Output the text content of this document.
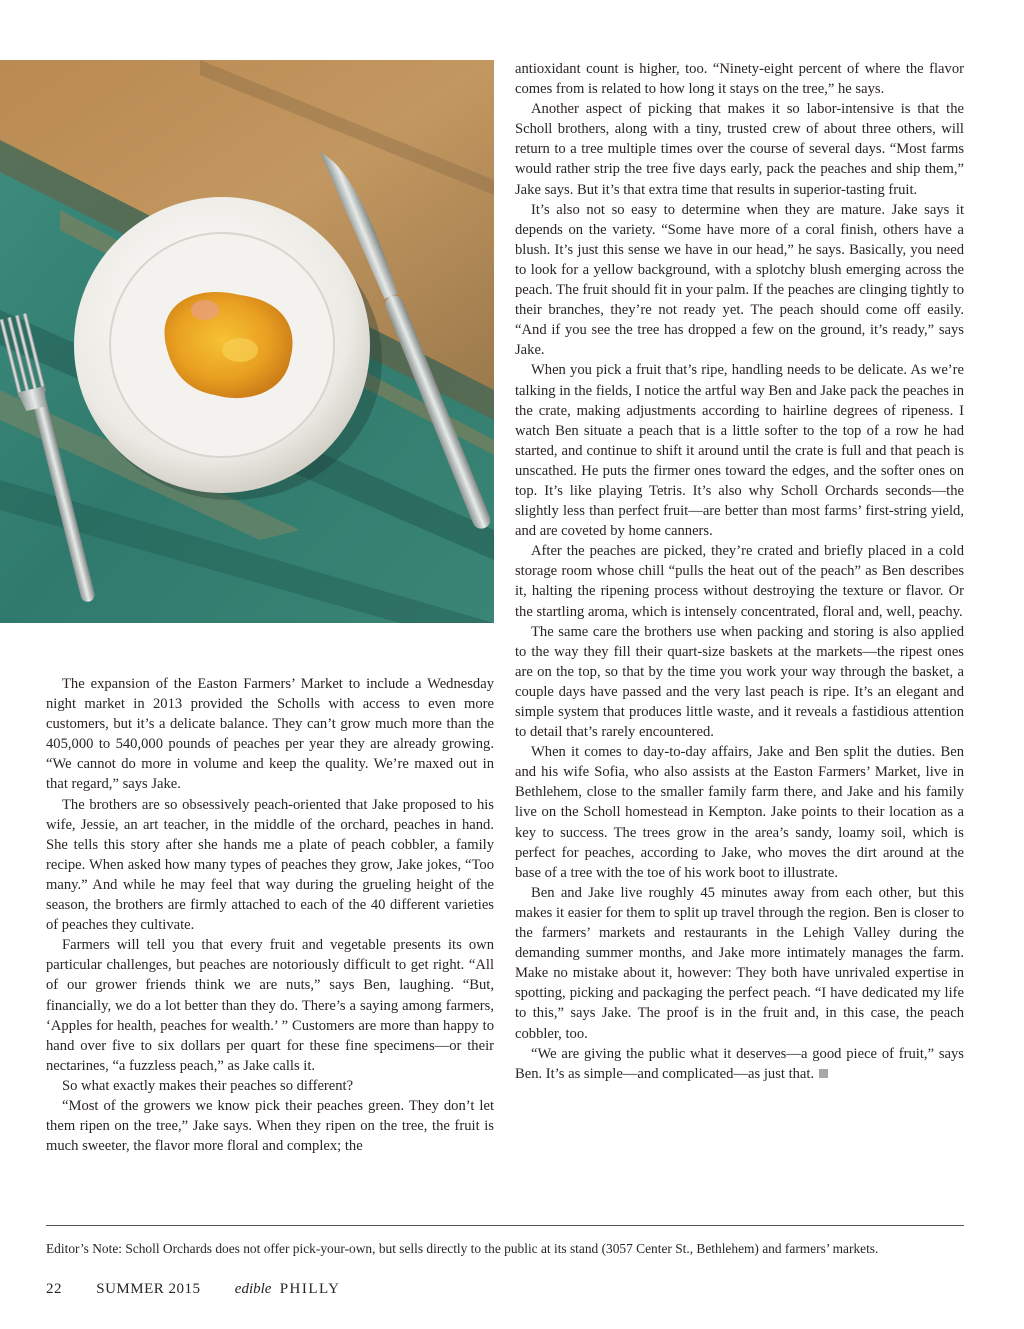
The expansion of the Easton Farmers’ Market to include a Wednesday night market in 2013 provided the Scholls with access to even more customers, but it’s a delicate balance. They can’t grow much more than the 405,000 to 540,000 pounds of peaches per year they are already growing. “We cannot do more in volume and keep the quality. We’re maxed out in that regard,” says Jake.

The brothers are so obsessively peach-oriented that Jake proposed to his wife, Jessie, an art teacher, in the middle of the orchard, peaches in hand. She tells this story after she hands me a plate of peach cobbler, a family recipe. When asked how many types of peaches they grow, Jake jokes, “Too many.” And while he may feel that way during the grueling height of the season, the brothers are firmly attached to each of the 40 different varieties of peaches they cultivate.

Farmers will tell you that every fruit and vegetable presents its own particular challenges, but peaches are notoriously difficult to get right. “All of our grower friends think we are nuts,” says Ben, laughing. “But, financially, we do a lot better than they do. There’s a saying among farmers, ‘Apples for health, peaches for wealth.’ ” Customers are more than happy to hand over five to six dollars per quart for these fine specimens—or their nectarines, “a fuzzless peach,” as Jake calls it.

So what exactly makes their peaches so different?

“Most of the growers we know pick their peaches green. They don’t let them ripen on the tree,” Jake says. When they ripen on the tree, the fruit is much sweeter, the flavor more floral and complex; the

antioxidant count is higher, too. “Ninety-eight percent of where the flavor comes from is related to how long it stays on the tree,” he says.

Another aspect of picking that makes it so labor-intensive is that the Scholl brothers, along with a tiny, trusted crew of about three others, will return to a tree multiple times over the course of several days. “Most farms would rather strip the tree five days early, pack the peaches and ship them,” Jake says. But it’s that extra time that results in superior-tasting fruit.

It’s also not so easy to determine when they are mature. Jake says it depends on the variety. “Some have more of a coral finish, others have a blush. It’s just this sense we have in our head,” he says. Basically, you need to look for a yellow background, with a splotchy blush emerging across the peach. The fruit should fit in your palm. If the peaches are clinging tightly to their branches, they’re not ready yet. The peach should come off easily. “And if you see the tree has dropped a few on the ground, it’s ready,” says Jake.

When you pick a fruit that’s ripe, handling needs to be delicate. As we’re talking in the fields, I notice the artful way Ben and Jake pack the peaches in the crate, making adjustments according to hairline degrees of ripeness. I watch Ben situate a peach that is a little softer to the top of a row he had started, and continue to shift it around until the crate is full and that peach is unscathed. He puts the firmer ones toward the edges, and the softer ones on top. It’s like playing Tetris. It’s also why Scholl Orchards seconds—the slightly less than perfect fruit—are better than most farms’ first-string yield, and are coveted by home canners.

After the peaches are picked, they’re crated and briefly placed in a cold storage room whose chill “pulls the heat out of the peach” as Ben describes it, halting the ripening process without destroying the texture or flavor. Or the startling aroma, which is intensely concentrated, floral and, well, peachy.

The same care the brothers use when packing and storing is also applied to the way they fill their quart-size baskets at the markets—the ripest ones are on the top, so that by the time you work your way through the basket, a couple days have passed and the very last peach is ripe. It’s an elegant and simple system that produces little waste, and it reveals a fastidious attention to detail that’s rarely encountered.

When it comes to day-to-day affairs, Jake and Ben split the duties. Ben and his wife Sofia, who also assists at the Easton Farmers’ Market, live in Bethlehem, close to the smaller family farm there, and Jake and his family live on the Scholl homestead in Kempton. Jake points to their location as a key to success. The trees grow in the area’s sandy, loamy soil, which is perfect for peaches, according to Jake, who moves the dirt around at the base of a tree with the toe of his work boot to illustrate.

Ben and Jake live roughly 45 minutes away from each other, but this makes it easier for them to split up travel through the region. Ben is closer to the farmers’ markets and restaurants in the Lehigh Valley during the demanding summer months, and Jake more intimately manages the farm. Make no mistake about it, however: They both have unrivaled expertise in spotting, picking and packaging the perfect peach. “I have dedicated my life to this,” says Jake. The proof is in the fruit and, in this case, the peach cobbler, too.

“We are giving the public what it deserves—a good piece of fruit,” says Ben. It’s as simple—and complicated—as just that.

Editor’s Note: Scholl Orchards does not offer pick-your-own, but sells directly to the public at its stand (3057 Center St., Bethlehem) and farmers’ markets.
22 SUMMER 2015 edible PHILLY
